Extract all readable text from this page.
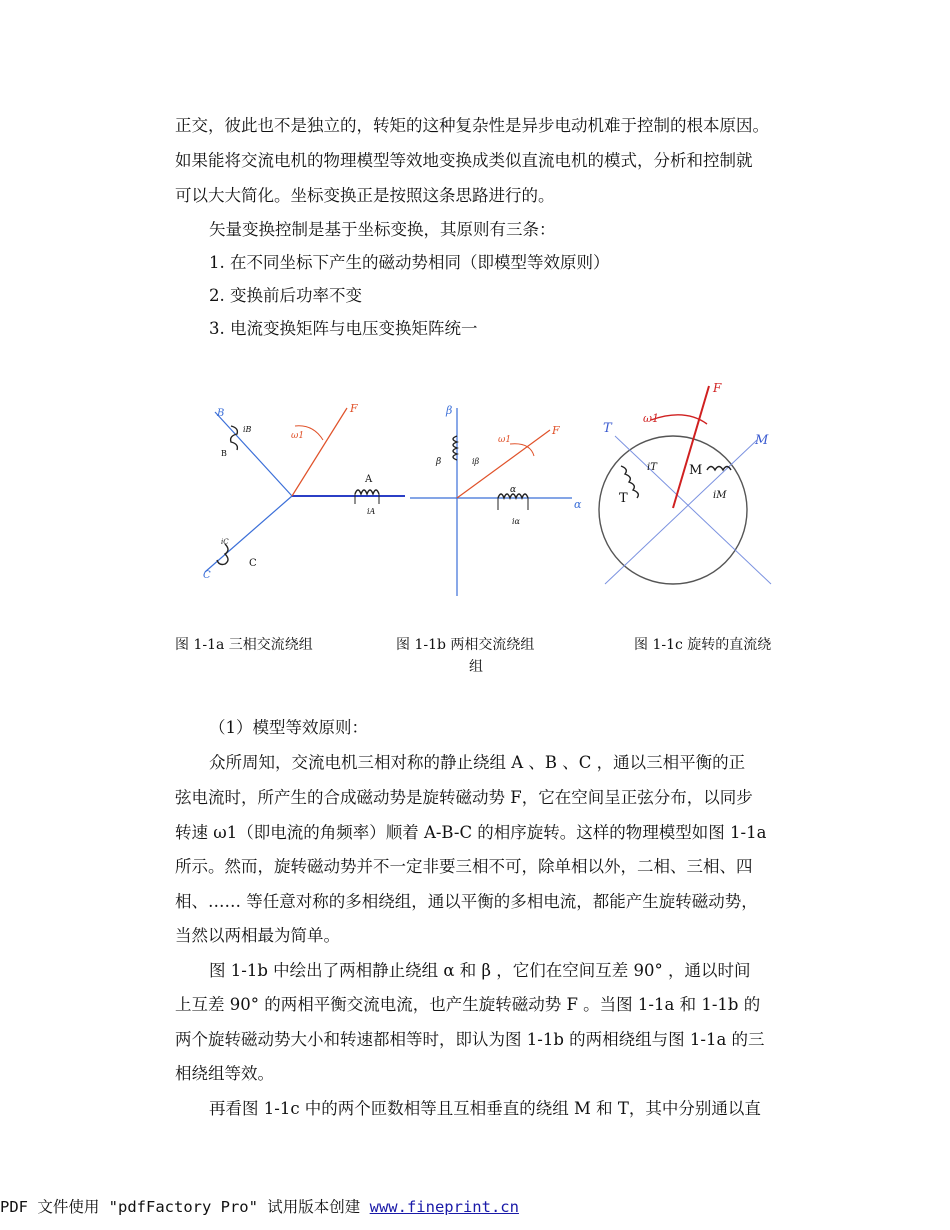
正交，彼此也不是独立的，转矩的这种复杂性是异步电动机难于控制的根本原因。
如果能将交流电机的物理模型等效地变换成类似直流电机的模式，分析和控制就
可以大大简化。坐标变换正是按照这条思路进行的。
矢量变换控制是基于坐标变换，其原则有三条：
1. 在不同坐标下产生的磁动势相同（即模型等效原则）
2. 变换前后功率不变
3. 电流变换矩阵与电压变换矩阵统一
B
C
F
ω1
A
iA
B
iB
C
iC
β
α
F
ω1
α
iα
β	iβ
F
ω1
T
M
T
M
iT
iM
图 1-1a 三相交流绕组	图 1-1b 两相交流绕组
组
图 1-1c 旋转的直流绕
（1）模型等效原则：
众所周知，交流电机三相对称的静止绕组 A 、B 、C ，通以三相平衡的正
弦电流时，所产生的合成磁动势是旋转磁动势 F，它在空间呈正弦分布，以同步
转速 ω1（即电流的角频率）顺着 A-B-C 的相序旋转。这样的物理模型如图 1-1a
所示。然而，旋转磁动势并不一定非要三相不可，除单相以外，二相、三相、四
相、…… 等任意对称的多相绕组，通以平衡的多相电流，都能产生旋转磁动势，
当然以两相最为简单。
图 1-1b 中绘出了两相静止绕组 α 和 β ，它们在空间互差 90° ，通以时间
上互差 90° 的两相平衡交流电流，也产生旋转磁动势 F 。当图 1-1a 和 1-1b 的
两个旋转磁动势大小和转速都相等时，即认为图 1-1b 的两相绕组与图 1-1a 的三
相绕组等效。
再看图 1-1c 中的两个匝数相等且互相垂直的绕组 M 和 T，其中分别通以直
PDF 文件使用 "pdfFactory Pro" 试用版本创建 www.fineprint.cn
